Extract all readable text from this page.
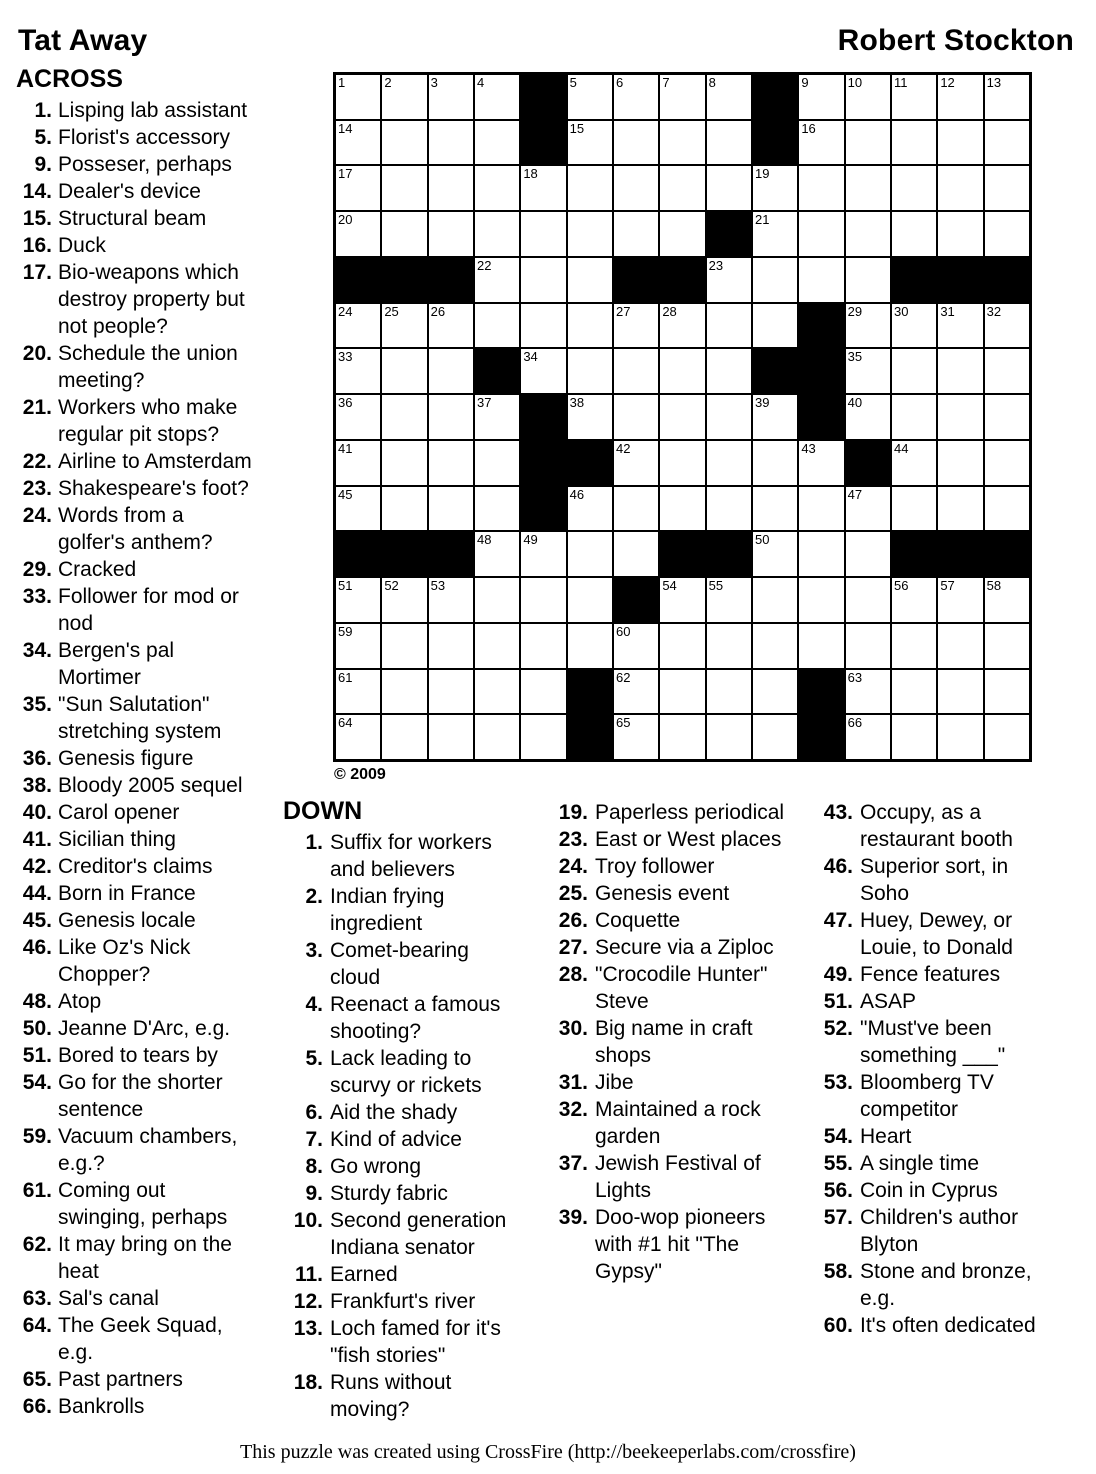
Tat Away	Robert Stockton
1	2	3	4	5	6	7	8	9	10 11	12 13
14	15	16
17	18	19
20	21
22	23
24 25 26	27 28	29 30 31 32
33	34	35
36	37	38	39	40
41	42	43	44
45	46	47
48 49	50
51 52 53	54 55	56 57 58
59	60
61	62	63
64	65	66
© 2009
ACROSS
1. Lisping lab assistant
5. Florist's accessory
9. Posseser, perhaps
14. Dealer's device
15. Structural beam
16. Duck
17. Bio-weapons which destroy property but not people?
20. Schedule the union meeting?
21. Workers who make regular pit stops?
22. Airline to Amsterdam
23. Shakespeare's foot?
24. Words from a golfer's anthem?
29. Cracked
33. Follower for mod or nod
34. Bergen's pal Mortimer
35. "Sun Salutation" stretching system
36. Genesis figure
38. Bloody 2005 sequel
40. Carol opener
41. Sicilian thing
42. Creditor's claims
44. Born in France
45. Genesis locale
46. Like Oz's Nick Chopper?
48. Atop
50. Jeanne D'Arc, e.g.
51. Bored to tears by
54. Go for the shorter sentence
59. Vacuum chambers, e.g.?
61. Coming out swinging, perhaps
62. It may bring on the heat
63. Sal's canal
64. The Geek Squad, e.g.
65. Past partners
66. Bankrolls
DOWN
1. Suffix for workers and believers
2. Indian frying ingredient
3. Comet-bearing cloud
4. Reenact a famous shooting?
5. Lack leading to scurvy or rickets
6. Aid the shady
7. Kind of advice
8. Go wrong
9. Sturdy fabric
10. Second generation Indiana senator
11. Earned
12. Frankfurt's river
13. Loch famed for it's "fish stories"
18. Runs without moving?
19. Paperless periodical
23. East or West places
24. Troy follower
25. Genesis event
26. Coquette
27. Secure via a Ziploc
28. "Crocodile Hunter" Steve
30. Big name in craft shops
31. Jibe
32. Maintained a rock garden
37. Jewish Festival of Lights
39. Doo-wop pioneers with #1 hit "The Gypsy"
43. Occupy, as a restaurant booth
46. Superior sort, in Soho
47. Huey, Dewey, or Louie, to Donald
49. Fence features
51. ASAP
52. "Must've been something ___"
53. Bloomberg TV competitor
54. Heart
55. A single time
56. Coin in Cyprus
57. Children's author Blyton
58. Stone and bronze, e.g.
60. It's often dedicated
This puzzle was created using CrossFire (http://beekeeperlabs.com/crossfire)
